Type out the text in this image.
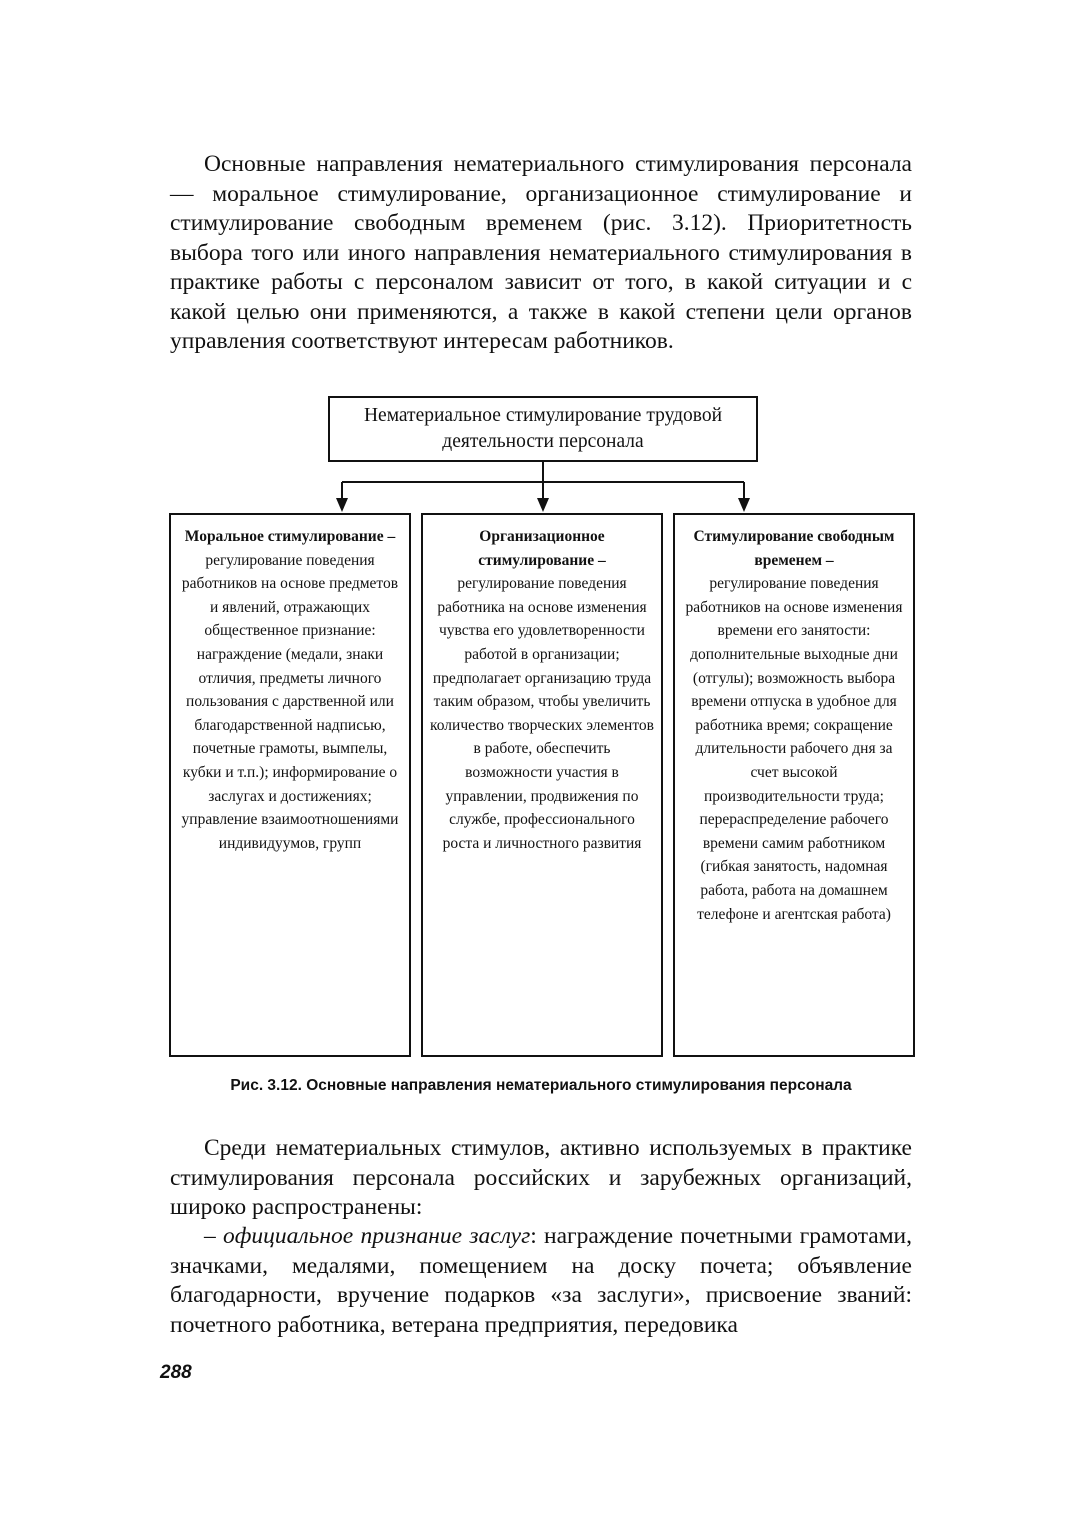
Основные направления нематериального стимулирования персонала — моральное стимулирование, организационное стимулирование и стимулирование свободным временем (рис. 3.12). Приоритетность выбора того или иного направления нематериального стимулирования в практике работы с персоналом зависит от того, в какой ситуации и с какой целью они применяются, а также в какой степени цели органов управления соответствуют интересам работников.

Нематериальное стимулирование трудовой деятельности персонала
Моральное стимулирование –
регулирование поведения работников на основе предметов и явлений, отражающих общественное признание: награждение (медали, знаки отличия, предметы личного пользования с дарственной или благодарственной надписью, почетные грамоты, вымпелы, кубки и т.п.); информирование о заслугах и достижениях; управление взаимоотношениями индивидуумов, групп
Организационное стимулирование –
регулирование поведения работника на основе изменения чувства его удовлетворенности работой в организации; предполагает организацию труда таким образом, чтобы увеличить количество творческих элементов в работе, обеспечить возможности участия в управлении, продвижения по службе, профессионального роста и личностного развития
Стимулирование свободным временем –
регулирование поведения работников на основе изменения времени его занятости: дополнительные выходные дни (отгулы); возможность выбора времени отпуска в удобное для работника время; сокращение длительности рабочего дня за счет высокой производительности труда; перераспределение рабочего времени самим работником (гибкая занятость, надомная работа, работа на домашнем телефоне и агентская работа)
Рис. 3.12. Основные направления нематериального стимулирования персонала

Среди нематериальных стимулов, активно используемых в практике стимулирования персонала российских и зарубежных организаций, широко распространены:

– официальное признание заслуг: награждение почетными грамотами, значками, медалями, помещением на доску почета; объявление благодарности, вручение подарков «за заслуги», присвоение званий: почетного работника, ветерана предприятия, передовика

288
